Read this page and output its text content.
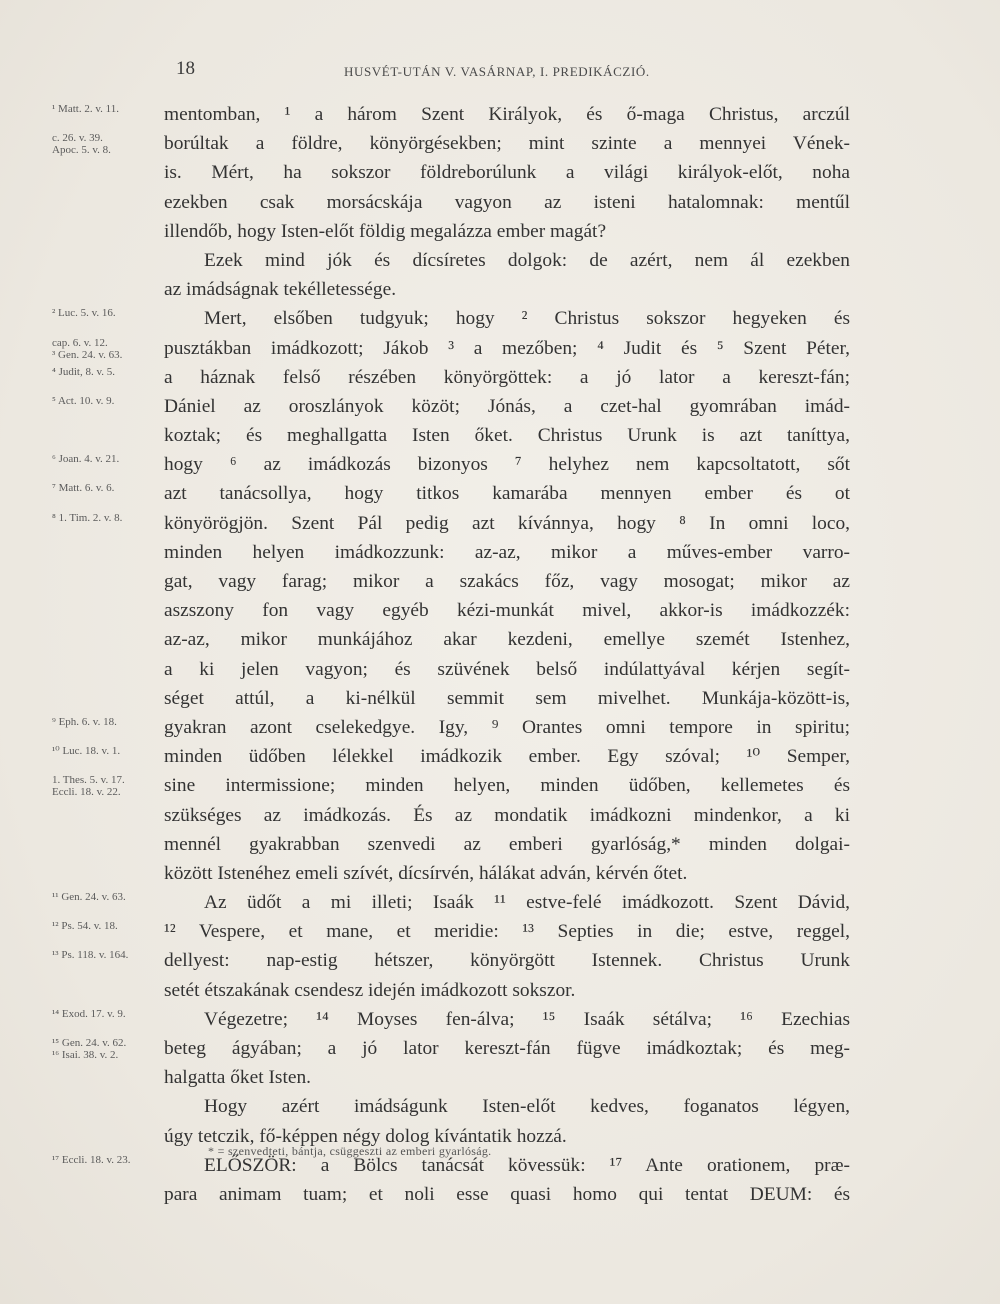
18	HUSVÉT-UTÁN V. VASÁRNAP, I. PREDIKÁCZIÓ.
¹ Matt. 2. v. 11.	mentomban, ¹ a három Szent Királyok, és ő-maga Christus, arczúl
c. 26. v. 39.
Apoc. 5. v. 8.	borúltak a földre, könyörgésekben; mint szinte a mennyei Vének-
is. Mért, ha sokszor földreborúlunk a világi királyok-előt, noha
ezekben csak morsácskája vagyon az isteni hatalomnak: mentűl
illendőb, hogy Isten-előt földig megalázza ember magát?
Ezek mind jók és dícsíretes dolgok: de azért, nem ál ezekben
az imádságnak tekélletessége.
² Luc. 5. v. 16.	Mert, elsőben tudgyuk; hogy ² Christus sokszor hegyeken és
cap. 6. v. 12.
³ Gen. 24. v. 63.	pusztákban imádkozott; Jákob ³ a mezőben; ⁴ Judit és ⁵ Szent Péter,
⁴ Judit, 8. v. 5.	a háznak felső részében könyörgöttek: a jó lator a kereszt-fán;
⁵ Act. 10. v. 9.	Dániel az oroszlányok közöt; Jónás, a czet-hal gyomrában imád-
koztak; és meghallgatta Isten őket. Christus Urunk is azt taníttya,
⁶ Joan. 4. v. 21.	hogy ⁶ az imádkozás bizonyos ⁷ helyhez nem kapcsoltatott, sőt
⁷ Matt. 6. v. 6.	azt tanácsollya, hogy titkos kamarába mennyen ember és ot
⁸ 1. Tim. 2. v. 8.	könyörögjön. Szent Pál pedig azt kívánnya, hogy ⁸ In omni loco,
minden helyen imádkozzunk: az-az, mikor a műves-ember varro-
gat, vagy farag; mikor a szakács főz, vagy mosogat; mikor az
aszszony fon vagy egyéb kézi-munkát mivel, akkor-is imádkozzék:
az-az, mikor munkájához akar kezdeni, emellye szemét Istenhez,
a ki jelen vagyon; és szüvének belső indúlattyával kérjen segít-
séget attúl, a ki-nélkül semmit sem mivelhet. Munkája-között-is,
⁹ Eph. 6. v. 18.	gyakran azont cselekedgye. Igy, ⁹ Orantes omni tempore in spiritu;
¹⁰ Luc. 18. v. 1.	minden üdőben lélekkel imádkozik ember. Egy szóval; ¹⁰ Semper,
1. Thes. 5. v. 17.
Eccli. 18. v. 22.	sine intermissione; minden helyen, minden üdőben, kellemetes és
szükséges az imádkozás. És az mondatik imádkozni mindenkor, a ki
mennél gyakrabban szenvedi az emberi gyarlóság,* minden dolgai-
között Istenéhez emeli szívét, dícsírvén, hálákat adván, kérvén őtet.
¹¹ Gen. 24. v. 63.	Az üdőt a mi illeti; Isaák ¹¹ estve-felé imádkozott. Szent Dávid,
¹² Ps. 54. v. 18.	¹² Vespere, et mane, et meridie: ¹³ Septies in die; estve, reggel,
¹³ Ps. 118. v. 164.	dellyest: nap-estig hétszer, könyörgött Istennek. Christus Urunk
setét étszakának csendesz idején imádkozott sokszor.
¹⁴ Exod. 17. v. 9.	Végezetre; ¹⁴ Moyses fen-álva; ¹⁵ Isaák sétálva; ¹⁶ Ezechias
¹⁵ Gen. 24. v. 62.
¹⁶ Isai. 38. v. 2.	beteg ágyában; a jó lator kereszt-fán fügve imádkoztak; és meg-
halgatta őket Isten.
Hogy azért imádságunk Isten-előt kedves, foganatos légyen,
úgy tetczik, fő-képpen négy dolog kívántatik hozzá.
¹⁷ Eccli. 18. v. 23.	ELŐSZÖR: a Bölcs tanácsát kövessük: ¹⁷ Ante orationem, præ-
para animam tuam; et noli esse quasi homo qui tentat DEUM: és
* = szenvedteti, bántja, csüggeszti az emberi gyarlóság.
